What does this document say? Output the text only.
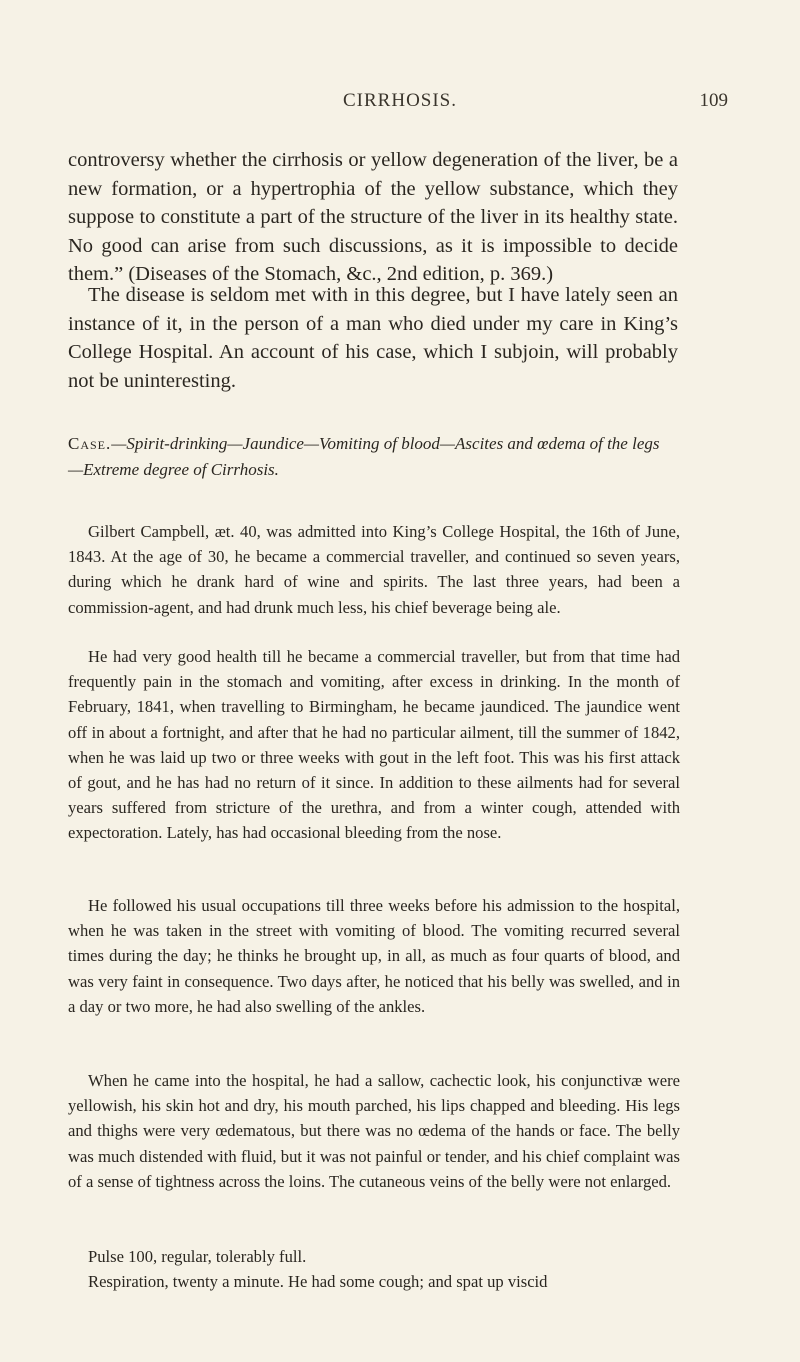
CIRRHOSIS.	109

controversy whether the cirrhosis or yellow degeneration of the liver, be a new formation, or a hypertrophia of the yellow substance, which they suppose to constitute a part of the structure of the liver in its healthy state. No good can arise from such discussions, as it is impossible to decide them.” (Diseases of the Stomach, &c., 2nd edition, p. 369.)

The disease is seldom met with in this degree, but I have lately seen an instance of it, in the person of a man who died under my care in King’s College Hospital. An account of his case, which I subjoin, will probably not be uninteresting.

Case.—Spirit-drinking—Jaundice—Vomiting of blood—Ascites and œdema of the legs—Extreme degree of Cirrhosis.

Gilbert Campbell, æt. 40, was admitted into King’s College Hospital, the 16th of June, 1843. At the age of 30, he became a commercial traveller, and continued so seven years, during which he drank hard of wine and spirits. The last three years, had been a commission-agent, and had drunk much less, his chief beverage being ale.

He had very good health till he became a commercial traveller, but from that time had frequently pain in the stomach and vomiting, after excess in drinking. In the month of February, 1841, when travelling to Birmingham, he became jaundiced. The jaundice went off in about a fortnight, and after that he had no particular ailment, till the summer of 1842, when he was laid up two or three weeks with gout in the left foot. This was his first attack of gout, and he has had no return of it since. In addition to these ailments had for several years suffered from stricture of the urethra, and from a winter cough, attended with expectoration. Lately, has had occasional bleeding from the nose.

He followed his usual occupations till three weeks before his admission to the hospital, when he was taken in the street with vomiting of blood. The vomiting recurred several times during the day; he thinks he brought up, in all, as much as four quarts of blood, and was very faint in consequence. Two days after, he noticed that his belly was swelled, and in a day or two more, he had also swelling of the ankles.

When he came into the hospital, he had a sallow, cachectic look, his conjunctivæ were yellowish, his skin hot and dry, his mouth parched, his lips chapped and bleeding. His legs and thighs were very œdematous, but there was no œdema of the hands or face. The belly was much distended with fluid, but it was not painful or tender, and his chief complaint was of a sense of tightness across the loins. The cutaneous veins of the belly were not enlarged.

Pulse 100, regular, tolerably full.

Respiration, twenty a minute. He had some cough; and spat up viscid
